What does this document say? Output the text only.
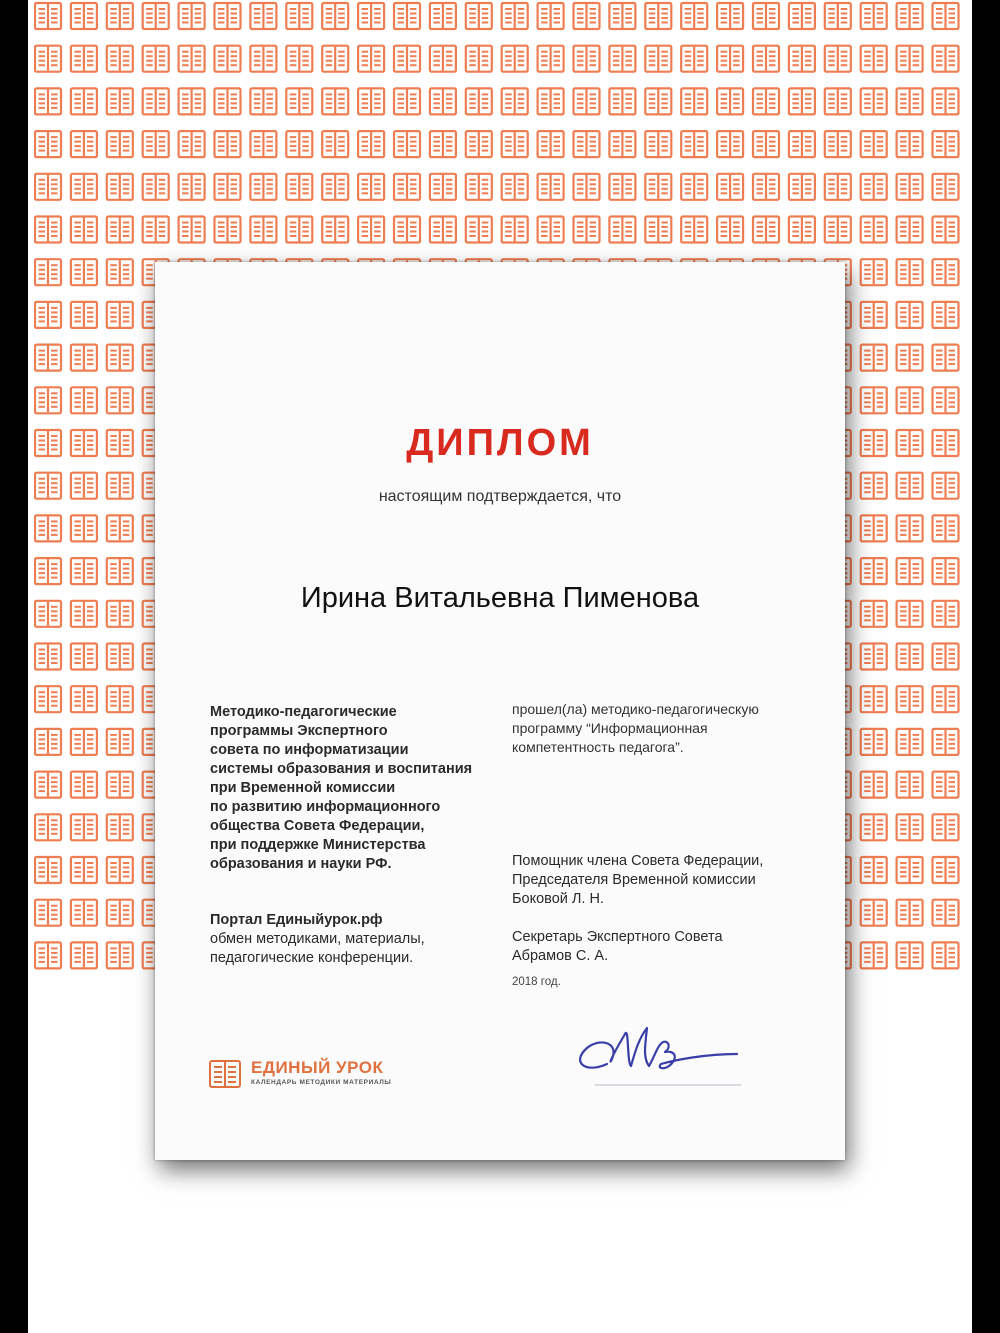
ДИПЛОМ
настоящим подтверждается, что
Ирина Витальевна Пименова
Методико-педагогические
программы Экспертного
совета по информатизации
системы образования и воспитания
при Временной комиссии
по развитию информационного
общества Совета Федерации,
при поддержке Министерства
образования и науки РФ.
Портал Единыйурок.рф
обмен методиками, материалы,
педагогические конференции.
прошел(ла) методико-педагогическую
программу “Информационная
компетентность педагога”.
Помощник члена Совета Федерации,
Председателя Временной комиссии
Боковой Л. Н.
Секретарь Экспертного Совета
Абрамов С. А.
2018 год.
ЕДИНЫЙ УРОК
КАЛЕНДАРЬ МЕТОДИКИ МАТЕРИАЛЫ
